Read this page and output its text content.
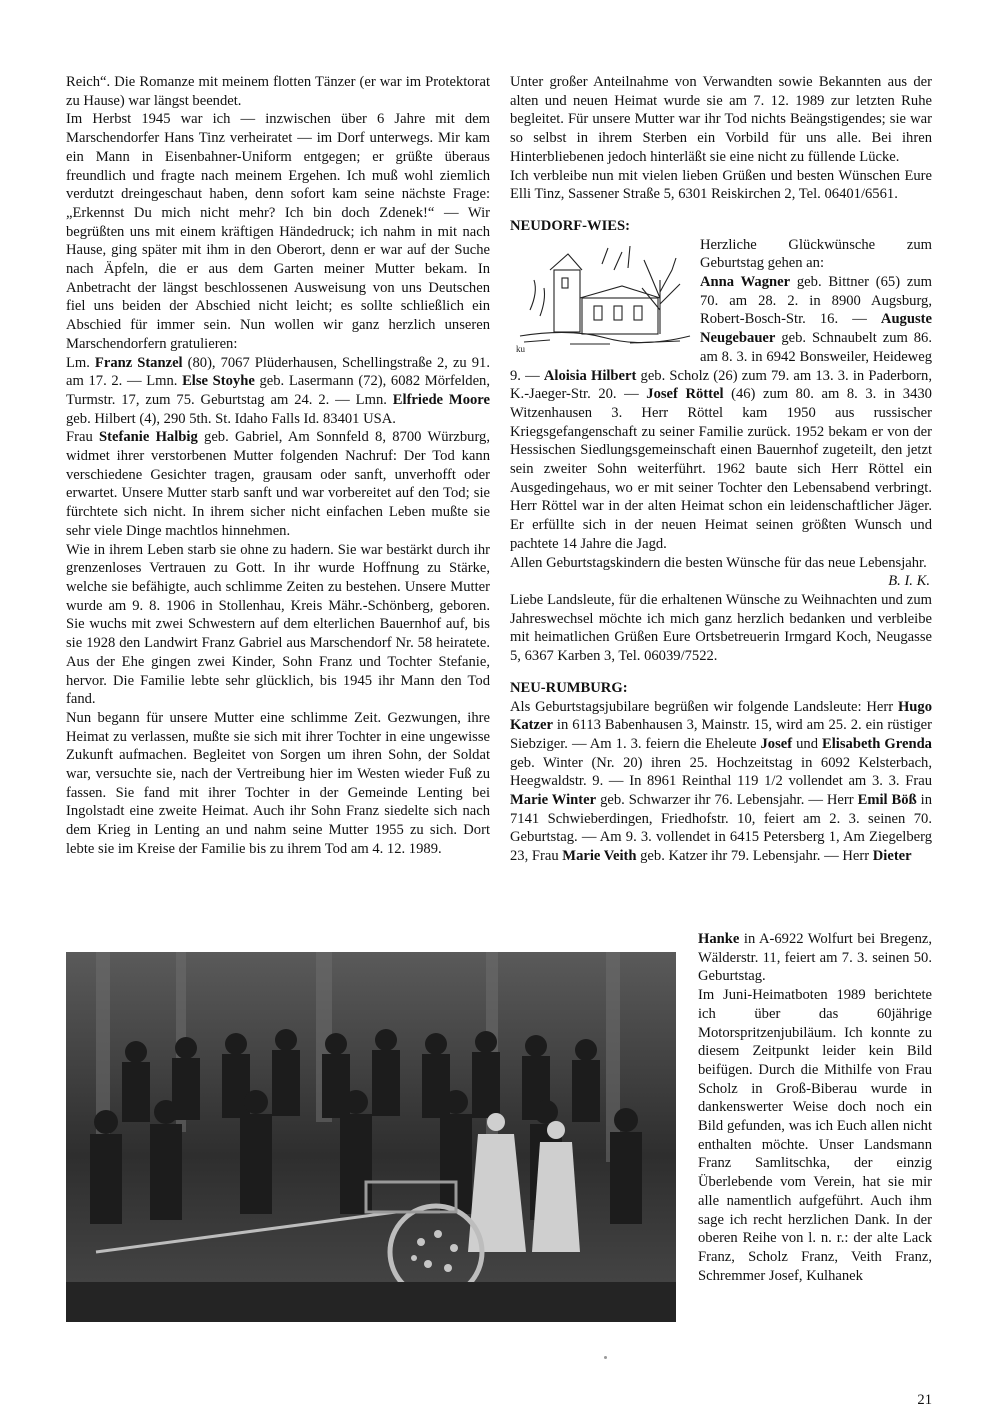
Reich“. Die Romanze mit meinem flotten Tänzer (er war im Protektorat zu Hause) war längst beendet.

Im Herbst 1945 war ich — inzwischen über 6 Jahre mit dem Marschendorfer Hans Tinz verheiratet — im Dorf unterwegs. Mir kam ein Mann in Eisenbahner-Uniform entgegen; er grüßte überaus freundlich und fragte nach meinem Ergehen. Ich muß wohl ziemlich verdutzt dreingeschaut haben, denn sofort kam seine nächste Frage: „Erkennst Du mich nicht mehr? Ich bin doch Zdenek!“ — Wir begrüßten uns mit einem kräftigen Händedruck; ich nahm in mit nach Hause, ging später mit ihm in den Oberort, denn er war auf der Suche nach Äpfeln, die er aus dem Garten meiner Mutter bekam. In Anbetracht der längst beschlossenen Ausweisung von uns Deutschen fiel uns beiden der Abschied nicht leicht; es sollte schließlich ein Abschied für immer sein. Nun wollen wir ganz herzlich unseren Marschendorfern gratulieren:

Lm. Franz Stanzel (80), 7067 Plüderhausen, Schellingstraße 2, zu 91. am 17. 2. — Lmn. Else Stoyhe geb. Lasermann (72), 6082 Mörfelden, Turmstr. 17, zum 75. Geburtstag am 24. 2. — Lmn. Elfriede Moore geb. Hilbert (4), 290 5th. St. Idaho Falls Id. 83401 USA.

Frau Stefanie Halbig geb. Gabriel, Am Sonnfeld 8, 8700 Würzburg, widmet ihrer verstorbenen Mutter folgenden Nachruf: Der Tod kann verschiedene Gesichter tragen, grausam oder sanft, unverhofft oder erwartet. Unsere Mutter starb sanft und war vorbereitet auf den Tod; sie fürchtete sich nicht. In ihrem sicher nicht einfachen Leben mußte sie sehr viele Dinge machtlos hinnehmen.

Wie in ihrem Leben starb sie ohne zu hadern. Sie war bestärkt durch ihr grenzenloses Vertrauen zu Gott. In ihr wurde Hoffnung zu Stärke, welche sie befähigte, auch schlimme Zeiten zu bestehen. Unsere Mutter wurde am 9. 8. 1906 in Stollenhau, Kreis Mähr.-Schönberg, geboren. Sie wuchs mit zwei Schwestern auf dem elterlichen Bauernhof auf, bis sie 1928 den Landwirt Franz Gabriel aus Marschendorf Nr. 58 heiratete. Aus der Ehe gingen zwei Kinder, Sohn Franz und Tochter Stefanie, hervor. Die Familie lebte sehr glücklich, bis 1945 ihr Mann den Tod fand.

Nun begann für unsere Mutter eine schlimme Zeit. Gezwungen, ihre Heimat zu verlassen, mußte sie sich mit ihrer Tochter in eine ungewisse Zukunft aufmachen. Begleitet von Sorgen um ihren Sohn, der Soldat war, versuchte sie, nach der Vertreibung hier im Westen wieder Fuß zu fassen. Sie fand mit ihrer Tochter in der Gemeinde Lenting bei Ingolstadt eine zweite Heimat. Auch ihr Sohn Franz siedelte sich nach dem Krieg in Lenting an und nahm seine Mutter 1955 zu sich. Dort lebte sie im Kreise der Familie bis zu ihrem Tod am 4. 12. 1989.

Unter großer Anteilnahme von Verwandten sowie Bekannten aus der alten und neuen Heimat wurde sie am 7. 12. 1989 zur letzten Ruhe begleitet. Für unsere Mutter war ihr Tod nichts Beängstigendes; sie war so selbst in ihrem Sterben ein Vorbild für uns alle. Bei ihren Hinterbliebenen jedoch hinterläßt sie eine nicht zu füllende Lücke.

Ich verbleibe nun mit vielen lieben Grüßen und besten Wünschen Eure Elli Tinz, Sassener Straße 5, 6301 Reiskirchen 2, Tel. 06401/6561.

NEUDORF-WIES:

ku

Herzliche Glückwünsche zum Geburtstag gehen an:

Anna Wagner geb. Bittner (65) zum 70. am 28. 2. in 8900 Augsburg, Robert-Bosch-Str. 16. — Auguste Neugebauer geb. Schnaubelt zum 86. am 8. 3. in 6942 Bonsweiler, Heideweg 9. — Aloisia Hilbert geb. Scholz (26) zum 79. am 13. 3. in Paderborn, K.-Jaeger-Str. 20. — Josef Röttel (46) zum 80. am 8. 3. in 3430 Witzenhausen 3. Herr Röttel kam 1950 aus russischer Kriegsgefangenschaft zu seiner Familie zurück. 1952 bekam er von der Hessischen Siedlungsgemeinschaft einen Bauernhof zugeteilt, den jetzt sein zweiter Sohn weiterführt. 1962 baute sich Herr Röttel ein Ausgedingehaus, wo er mit seiner Tochter den Lebensabend verbringt. Herr Röttel war in der alten Heimat schon ein leidenschaftlicher Jäger. Er erfüllte sich in der neuen Heimat seinen größten Wunsch und pachtete 14 Jahre die Jagd.

Allen Geburtstagskindern die besten Wünsche für das neue Lebensjahr.

B. I. K.

Liebe Landsleute, für die erhaltenen Wünsche zu Weihnachten und zum Jahreswechsel möchte ich mich ganz herzlich bedanken und verbleibe mit heimatlichen Grüßen Eure Ortsbetreuerin Irmgard Koch, Neugasse 5, 6367 Karben 3, Tel. 06039/7522.

NEU-RUMBURG:

Als Geburtstagsjubilare begrüßen wir folgende Landsleute: Herr Hugo Katzer in 6113 Babenhausen 3, Mainstr. 15, wird am 25. 2. ein rüstiger Siebziger. — Am 1. 3. feiern die Eheleute Josef und Elisabeth Grenda geb. Winter (Nr. 20) ihren 25. Hochzeitstag in 6092 Kelsterbach, Heegwaldstr. 9. — In 8961 Reinthal 119 1/2 vollendet am 3. 3. Frau Marie Winter geb. Schwarzer ihr 76. Lebensjahr. — Herr Emil Böß in 7141 Schwieberdingen, Friedhofstr. 10, feiert am 2. 3. seinen 70. Geburtstag. — Am 9. 3. vollendet in 6415 Petersberg 1, Am Ziegelberg 23, Frau Marie Veith geb. Katzer ihr 79. Lebensjahr. — Herr Dieter

Hanke in A-6922 Wolfurt bei Bregenz, Wälderstr. 11, feiert am 7. 3. seinen 50. Geburtstag.

Im Juni-Heimatboten 1989 berichtete ich über das 60jährige Motorspritzenjubiläum. Ich konnte zu diesem Zeitpunkt leider kein Bild beifügen. Durch die Mithilfe von Frau Scholz in Groß-Biberau wurde in dankenswerter Weise doch noch ein Bild gefunden, was ich Euch allen nicht enthalten möchte. Unser Landsmann Franz Samlitschka, der einzig Überlebende vom Verein, hat sie mir alle namentlich aufgeführt. Auch ihm sage ich recht herzlichen Dank. In der oberen Reihe von l. n. r.: der alte Lack Franz, Scholz Franz, Veith Franz, Schremmer Josef, Kulhanek

21
